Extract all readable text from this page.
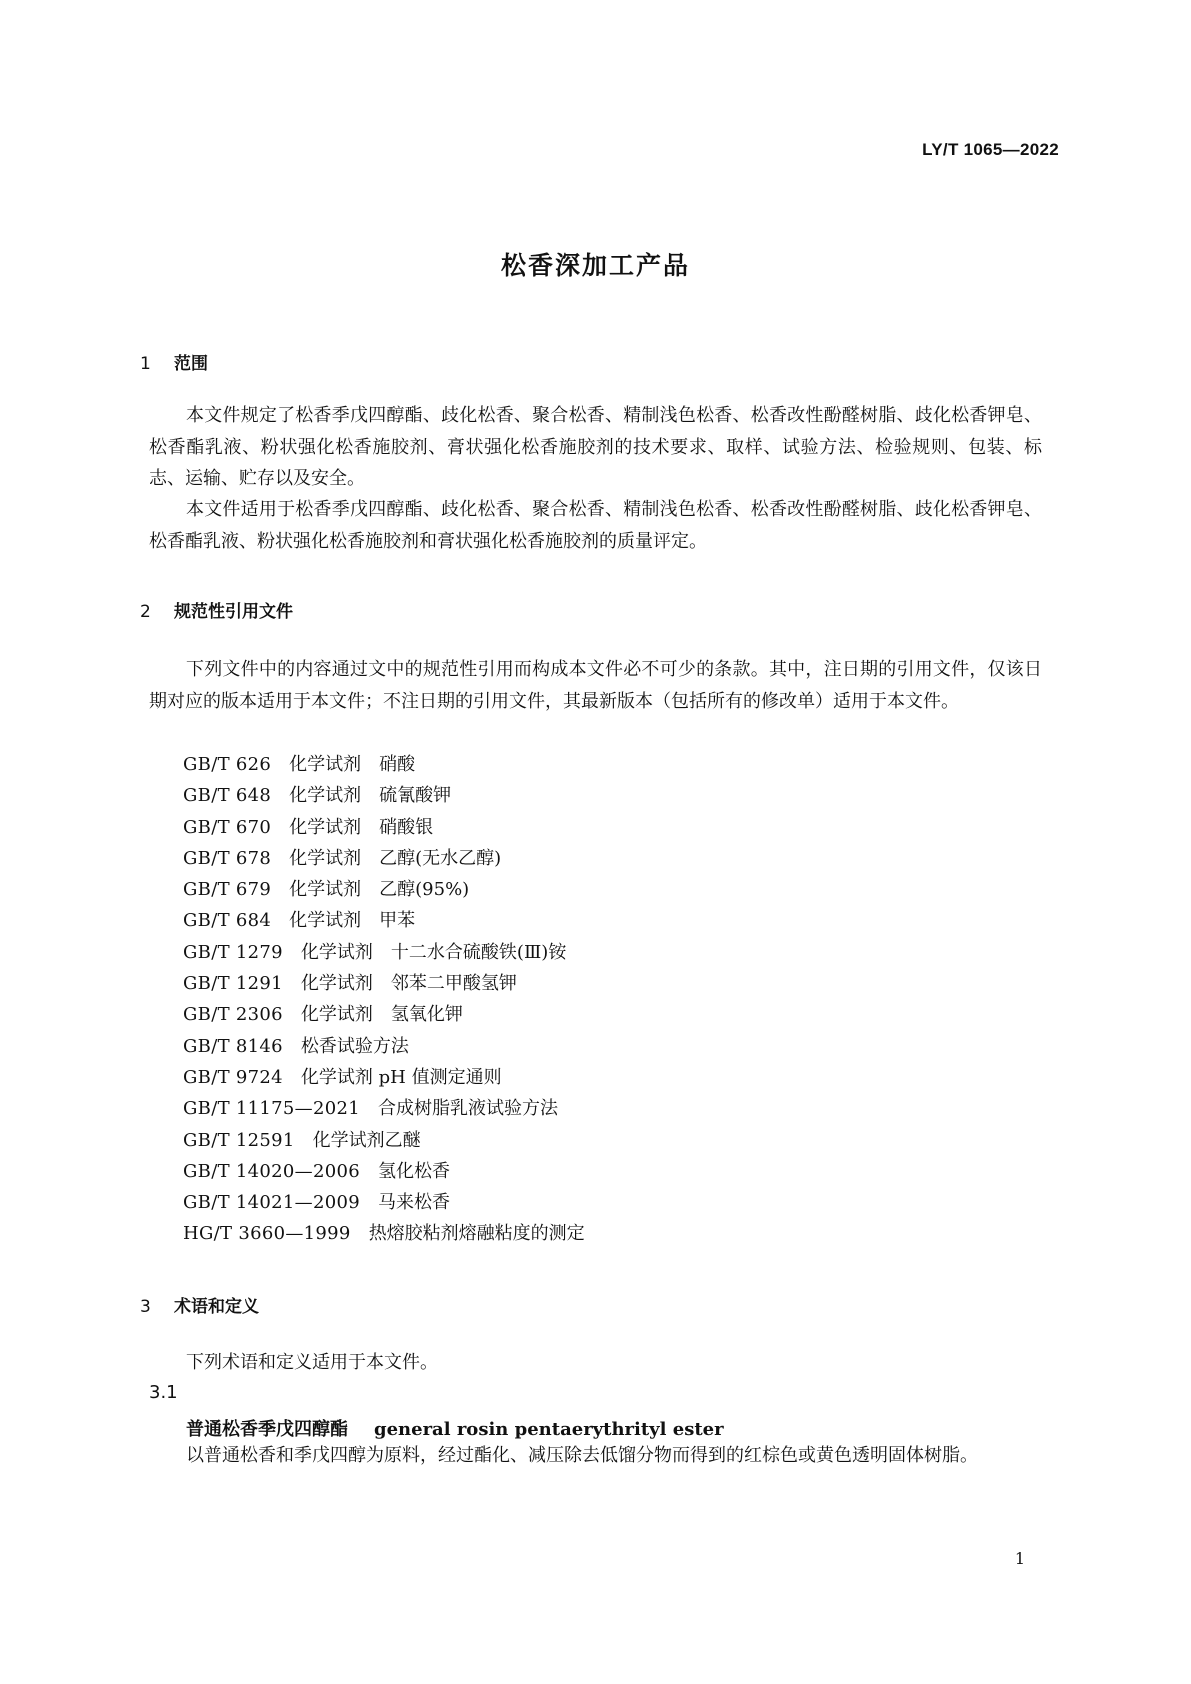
LY/T 1065—2022
松香深加工产品
1 范围
本文件规定了松香季戊四醇酯、歧化松香、聚合松香、精制浅色松香、松香改性酚醛树脂、歧化松香钾皂、松香酯乳液、粉状强化松香施胶剂、膏状强化松香施胶剂的技术要求、取样、试验方法、检验规则、包装、标志、运输、贮存以及安全。
本文件适用于松香季戊四醇酯、歧化松香、聚合松香、精制浅色松香、松香改性酚醛树脂、歧化松香钾皂、松香酯乳液、粉状强化松香施胶剂和膏状强化松香施胶剂的质量评定。
2 规范性引用文件
下列文件中的内容通过文中的规范性引用而构成本文件必不可少的条款。其中，注日期的引用文件，仅该日期对应的版本适用于本文件；不注日期的引用文件，其最新版本（包括所有的修改单）适用于本文件。
GB/T 626 化学试剂　硝酸
GB/T 648 化学试剂　硫氰酸钾
GB/T 670 化学试剂　硝酸银
GB/T 678 化学试剂　乙醇(无水乙醇)
GB/T 679 化学试剂　乙醇(95%)
GB/T 684 化学试剂　甲苯
GB/T 1279 化学试剂　十二水合硫酸铁(Ⅲ)铵
GB/T 1291 化学试剂　邻苯二甲酸氢钾
GB/T 2306 化学试剂　氢氧化钾
GB/T 8146 松香试验方法
GB/T 9724 化学试剂 pH 值测定通则
GB/T 11175—2021 合成树脂乳液试验方法
GB/T 12591 化学试剂乙醚
GB/T 14020—2006 氢化松香
GB/T 14021—2009 马来松香
HG/T 3660—1999 热熔胶粘剂熔融粘度的测定
3 术语和定义
下列术语和定义适用于本文件。
3.1
普通松香季戊四醇酯 general rosin pentaerythrityl ester
以普通松香和季戊四醇为原料，经过酯化、减压除去低馏分物而得到的红棕色或黄色透明固体树脂。
1
